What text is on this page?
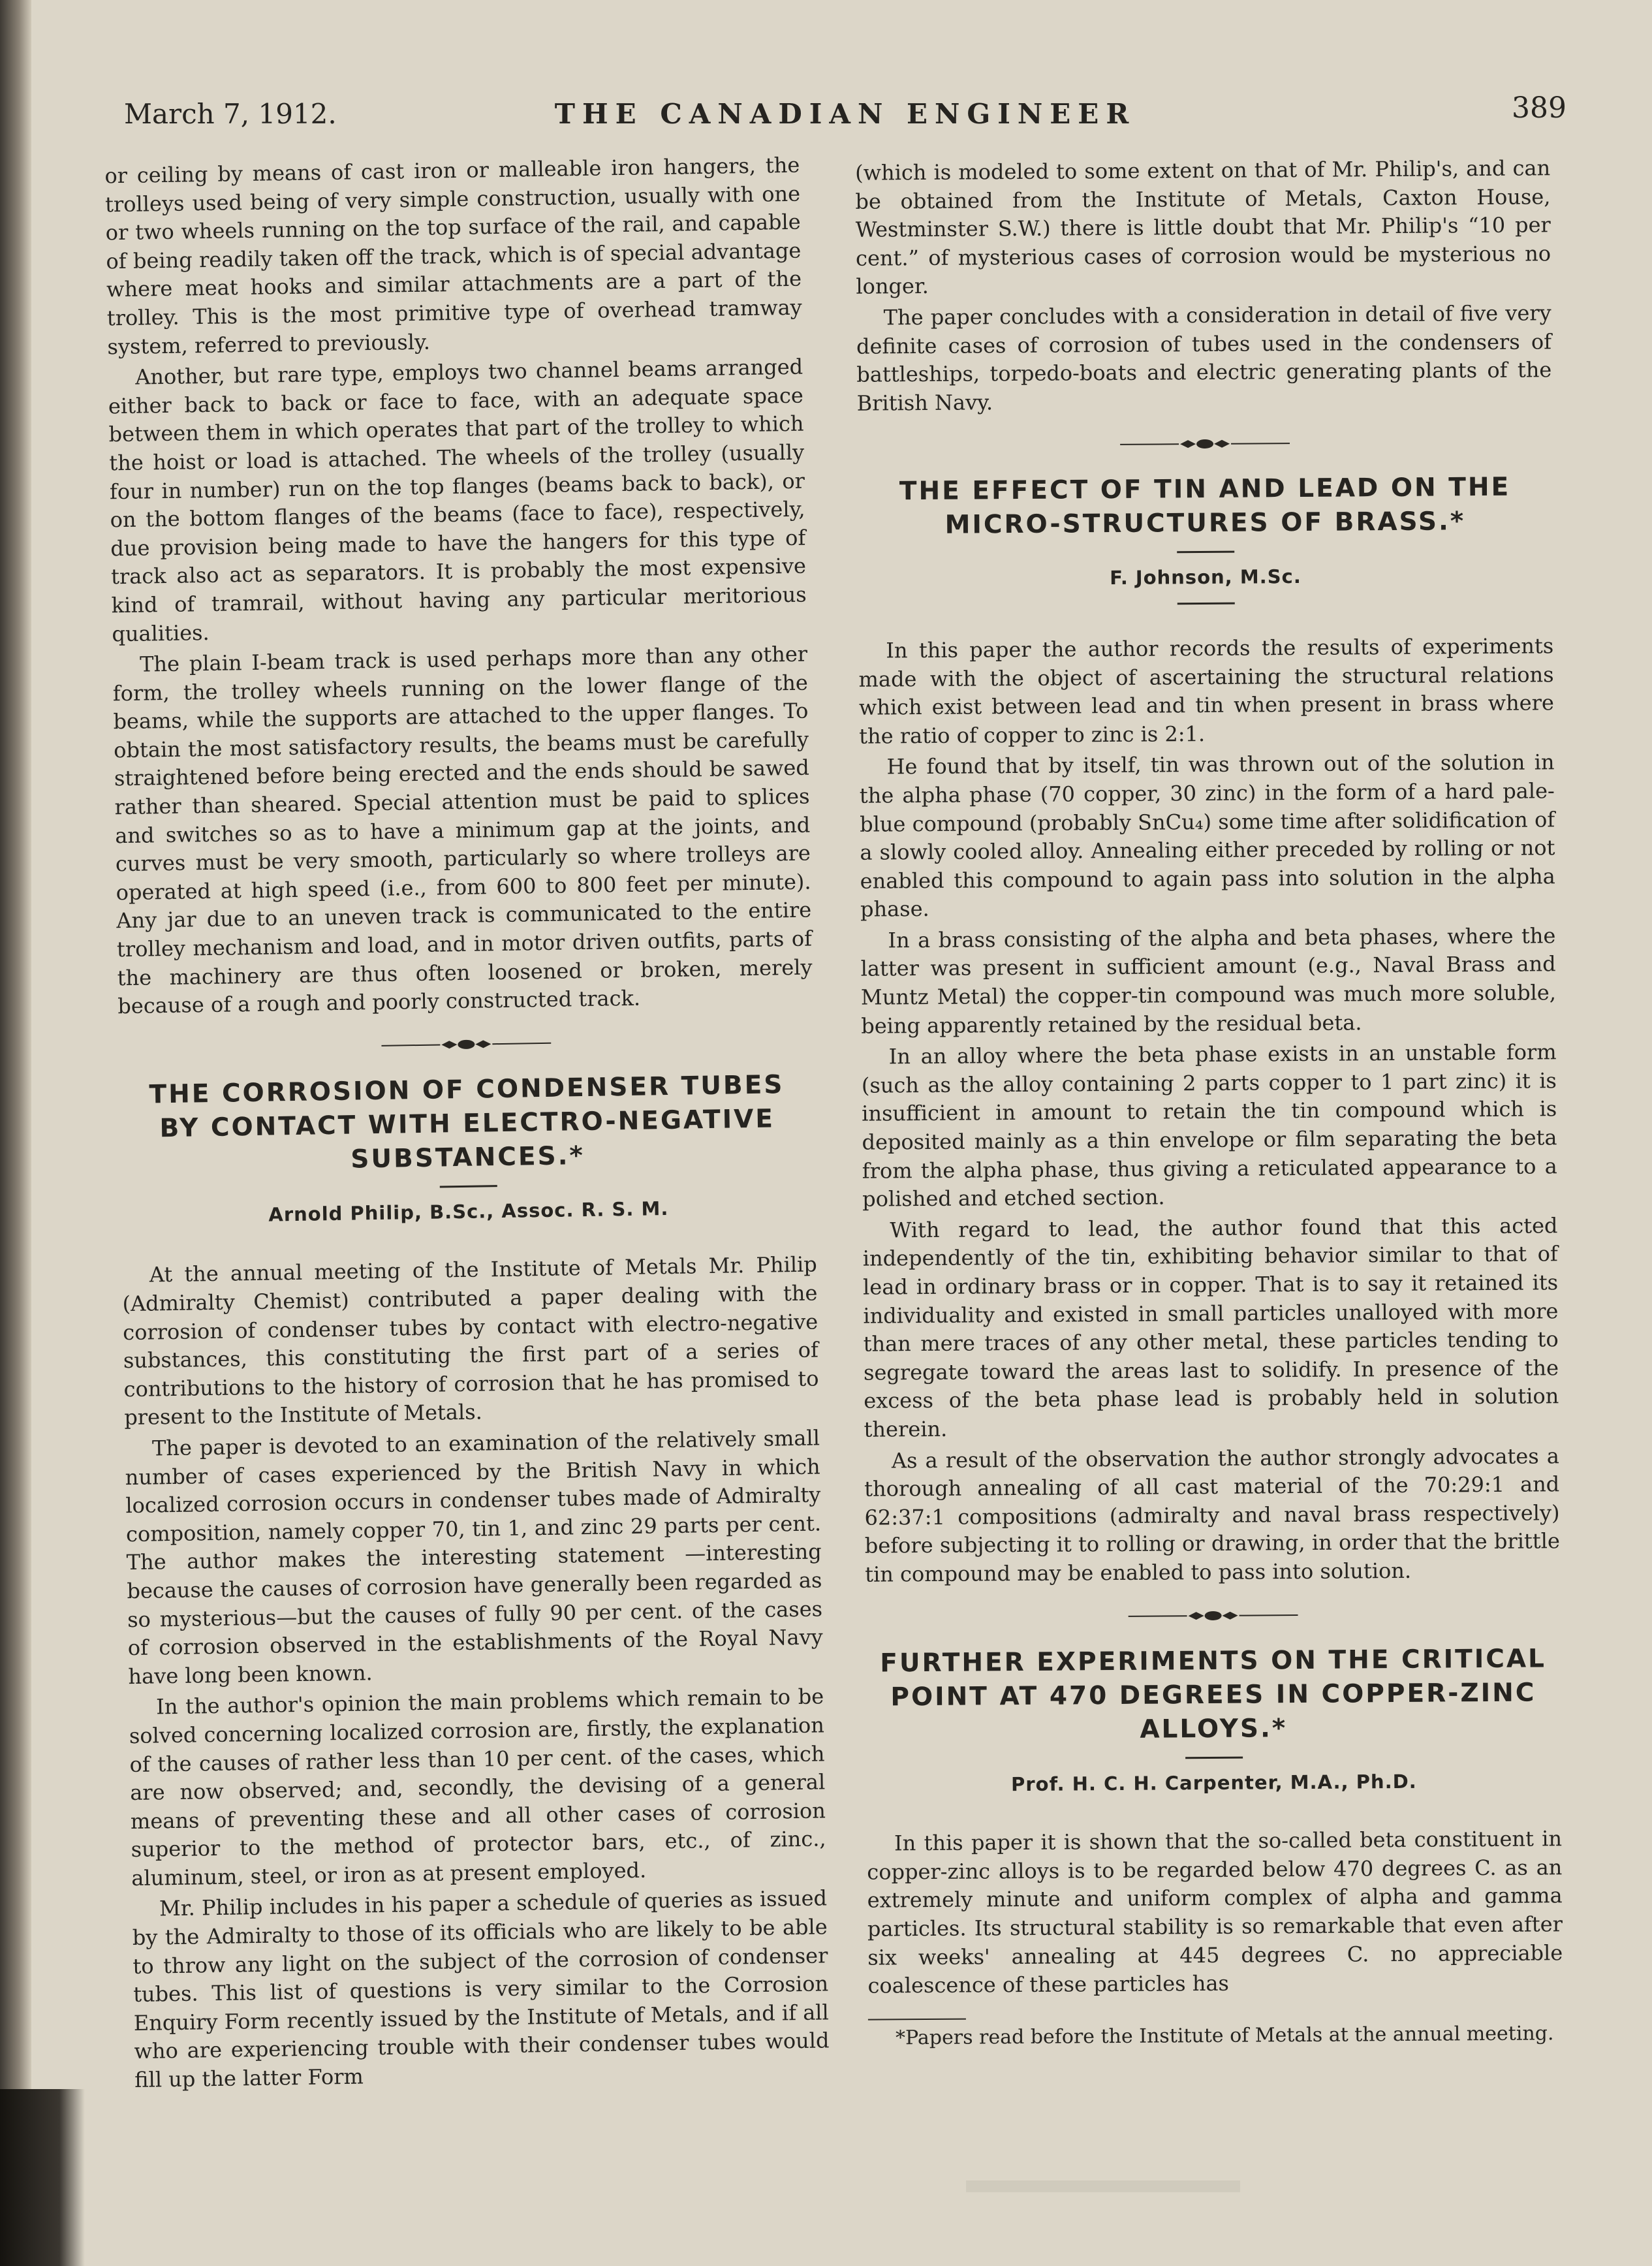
March 7, 1912.	THE CANADIAN ENGINEER	389

or ceiling by means of cast iron or malleable iron hangers, the trolleys used being of very simple construction, usually with one or two wheels running on the top surface of the rail, and capable of being readily taken off the track, which is of special advantage where meat hooks and similar attachments are a part of the trolley. This is the most primitive type of overhead tramway system, referred to previously.

Another, but rare type, employs two channel beams arranged either back to back or face to face, with an adequate space between them in which operates that part of the trolley to which the hoist or load is attached. The wheels of the trolley (usually four in number) run on the top flanges (beams back to back), or on the bottom flanges of the beams (face to face), respectively, due provision being made to have the hangers for this type of track also act as separators. It is probably the most expensive kind of tramrail, without having any particular meritorious qualities.

The plain I-beam track is used perhaps more than any other form, the trolley wheels running on the lower flange of the beams, while the supports are attached to the upper flanges. To obtain the most satisfactory results, the beams must be carefully straightened before being erected and the ends should be sawed rather than sheared. Special attention must be paid to splices and switches so as to have a minimum gap at the joints, and curves must be very smooth, particularly so where trolleys are operated at high speed (i.e., from 600 to 800 feet per minute). Any jar due to an uneven track is communicated to the entire trolley mechanism and load, and in motor driven outfits, parts of the machinery are thus often loosened or broken, merely because of a rough and poorly constructed track.

THE CORROSION OF CONDENSER TUBES BY CONTACT WITH ELECTRO-NEGATIVE SUBSTANCES.*
Arnold Philip, B.Sc., Assoc. R. S. M.

At the annual meeting of the Institute of Metals Mr. Philip (Admiralty Chemist) contributed a paper dealing with the corrosion of condenser tubes by contact with electro-negative substances, this constituting the first part of a series of contributions to the history of corrosion that he has promised to present to the Institute of Metals.

The paper is devoted to an examination of the relatively small number of cases experienced by the British Navy in which localized corrosion occurs in condenser tubes made of Admiralty composition, namely copper 70, tin 1, and zinc 29 parts per cent. The author makes the interesting statement —interesting because the causes of corrosion have generally been regarded as so mysterious—but the causes of fully 90 per cent. of the cases of corrosion observed in the establishments of the Royal Navy have long been known.

In the author's opinion the main problems which remain to be solved concerning localized corrosion are, firstly, the explanation of the causes of rather less than 10 per cent. of the cases, which are now observed; and, secondly, the devising of a general means of preventing these and all other cases of corrosion superior to the method of protector bars, etc., of zinc., aluminum, steel, or iron as at present employed.

Mr. Philip includes in his paper a schedule of queries as issued by the Admiralty to those of its officials who are likely to be able to throw any light on the subject of the corrosion of condenser tubes. This list of questions is very similar to the Corrosion Enquiry Form recently issued by the Institute of Metals, and if all who are experiencing trouble with their condenser tubes would fill up the latter Form

(which is modeled to some extent on that of Mr. Philip's, and can be obtained from the Institute of Metals, Caxton House, Westminster S.W.) there is little doubt that Mr. Philip's “10 per cent.” of mysterious cases of corrosion would be mysterious no longer.

The paper concludes with a consideration in detail of five very definite cases of corrosion of tubes used in the condensers of battleships, torpedo-boats and electric generating plants of the British Navy.

THE EFFECT OF TIN AND LEAD ON THE MICRO-STRUCTURES OF BRASS.*
F. Johnson, M.Sc.

In this paper the author records the results of experiments made with the object of ascertaining the structural relations which exist between lead and tin when present in brass where the ratio of copper to zinc is 2:1.

He found that by itself, tin was thrown out of the solution in the alpha phase (70 copper, 30 zinc) in the form of a hard pale-blue compound (probably SnCu₄) some time after solidification of a slowly cooled alloy. Annealing either preceded by rolling or not enabled this compound to again pass into solution in the alpha phase.

In a brass consisting of the alpha and beta phases, where the latter was present in sufficient amount (e.g., Naval Brass and Muntz Metal) the copper-tin compound was much more soluble, being apparently retained by the residual beta.

In an alloy where the beta phase exists in an unstable form (such as the alloy containing 2 parts copper to 1 part zinc) it is insufficient in amount to retain the tin compound which is deposited mainly as a thin envelope or film separating the beta from the alpha phase, thus giving a reticulated appearance to a polished and etched section.

With regard to lead, the author found that this acted independently of the tin, exhibiting behavior similar to that of lead in ordinary brass or in copper. That is to say it retained its individuality and existed in small particles unalloyed with more than mere traces of any other metal, these particles tending to segregate toward the areas last to solidify. In presence of the excess of the beta phase lead is probably held in solution therein.

As a result of the observation the author strongly advocates a thorough annealing of all cast material of the 70:29:1 and 62:37:1 compositions (admiralty and naval brass respectively) before subjecting it to rolling or drawing, in order that the brittle tin compound may be enabled to pass into solution.

FURTHER EXPERIMENTS ON THE CRITICAL POINT AT 470 DEGREES IN COPPER-ZINC ALLOYS.*
Prof. H. C. H. Carpenter, M.A., Ph.D.

In this paper it is shown that the so-called beta constituent in copper-zinc alloys is to be regarded below 470 degrees C. as an extremely minute and uniform complex of alpha and gamma particles. Its structural stability is so remarkable that even after six weeks' annealing at 445 degrees C. no appreciable coalescence of these particles has

*Papers read before the Institute of Metals at the annual meeting.
